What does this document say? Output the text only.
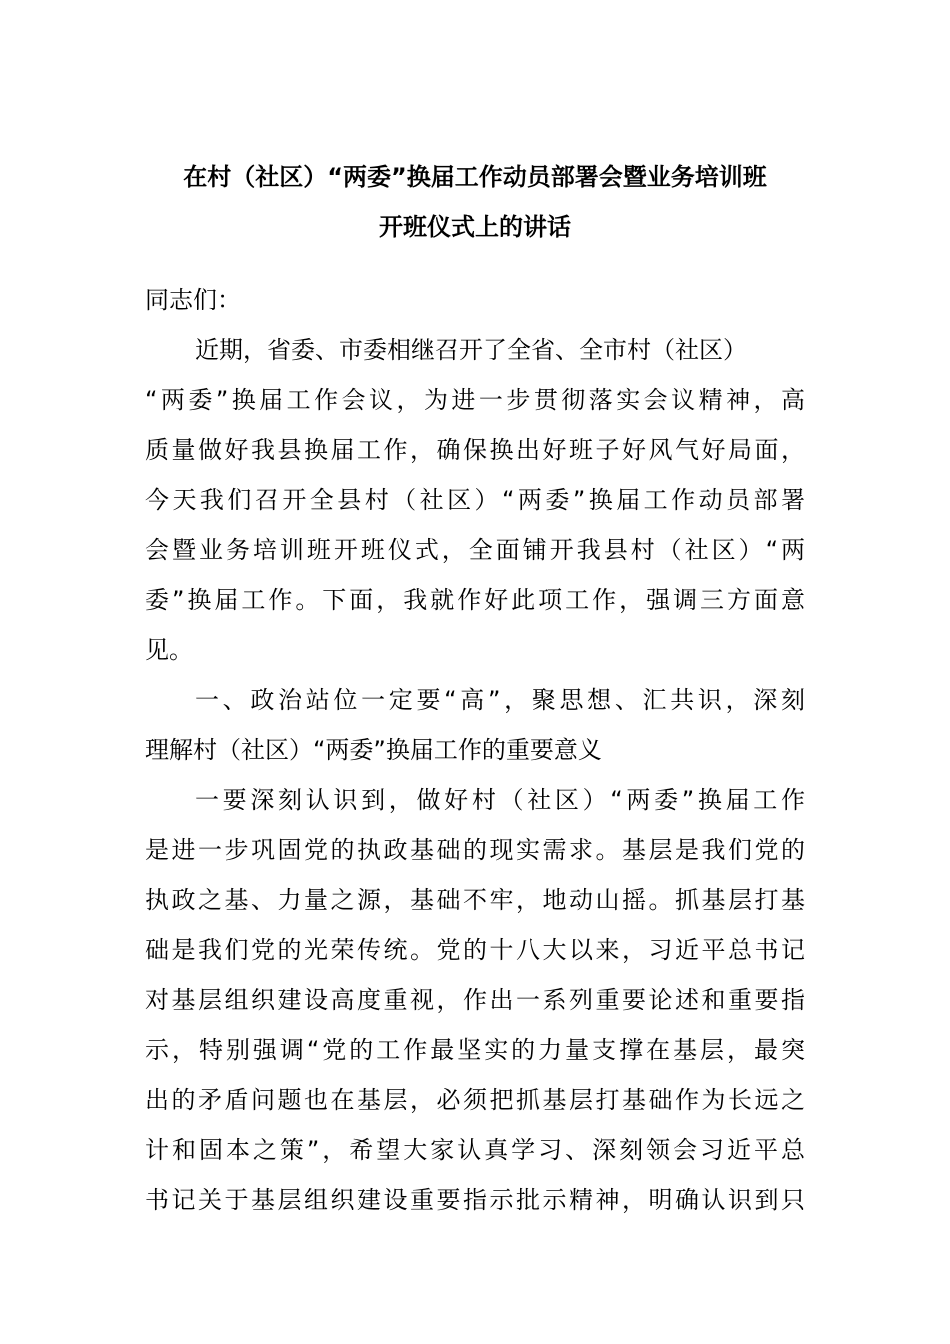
在村（社区）“两委”换届工作动员部署会暨业务培训班
开班仪式上的讲话
同志们：
近期，省委、市委相继召开了全省、全市村（社区）
“两委”换届工作会议，为进一步贯彻落实会议精神，高
质量做好我县换届工作，确保换出好班子好风气好局面，
今天我们召开全县村（社区）“两委”换届工作动员部署
会暨业务培训班开班仪式，全面铺开我县村（社区）“两
委”换届工作。下面，我就作好此项工作，强调三方面意
见。
一、政治站位一定要“高”，聚思想、汇共识，深刻
理解村（社区）“两委”换届工作的重要意义
一要深刻认识到，做好村（社区）“两委”换届工作
是进一步巩固党的执政基础的现实需求。基层是我们党的
执政之基、力量之源，基础不牢，地动山摇。抓基层打基
础是我们党的光荣传统。党的十八大以来，习近平总书记
对基层组织建设高度重视，作出一系列重要论述和重要指
示，特别强调“党的工作最坚实的力量支撑在基层，最突
出的矛盾问题也在基层，必须把抓基层打基础作为长远之
计和固本之策”，希望大家认真学习、深刻领会习近平总
书记关于基层组织建设重要指示批示精神，明确认识到只
